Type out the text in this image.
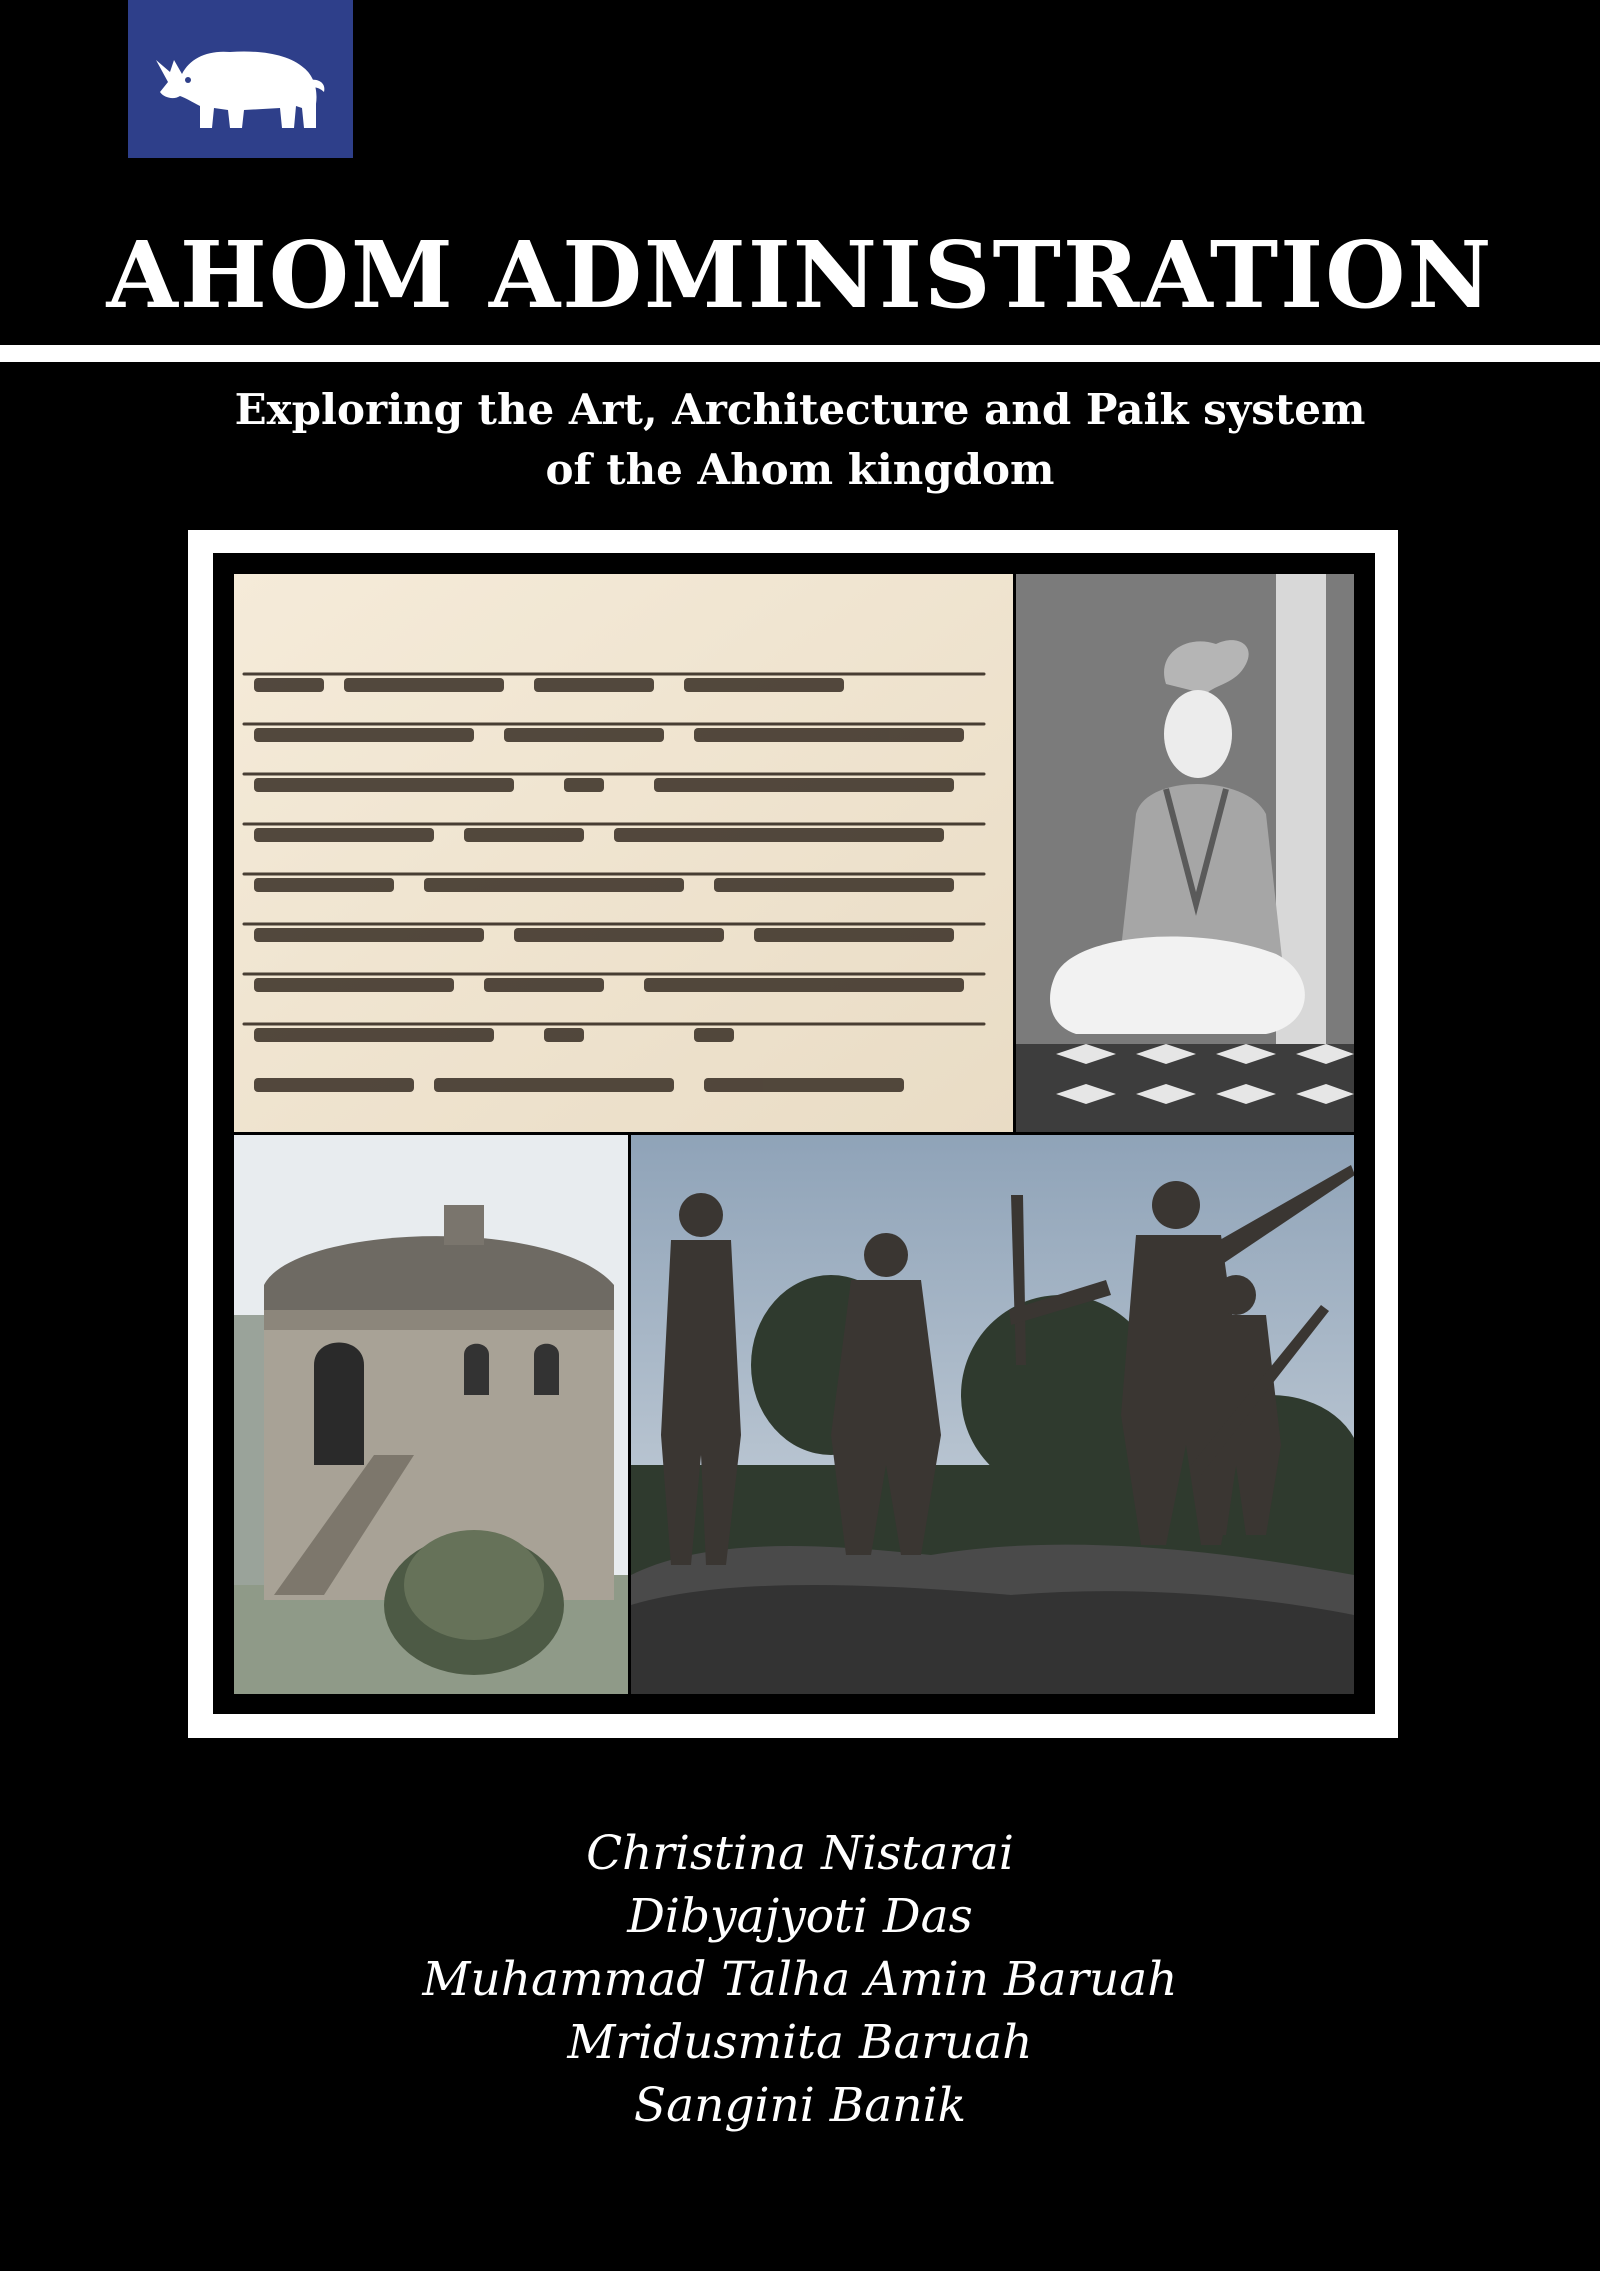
AHOM ADMINISTRATION
Exploring the Art, Architecture and Paik system
of the Ahom kingdom
Christina Nistarai
Dibyajyoti Das
Muhammad Talha Amin Baruah
Mridusmita Baruah
Sangini Banik
